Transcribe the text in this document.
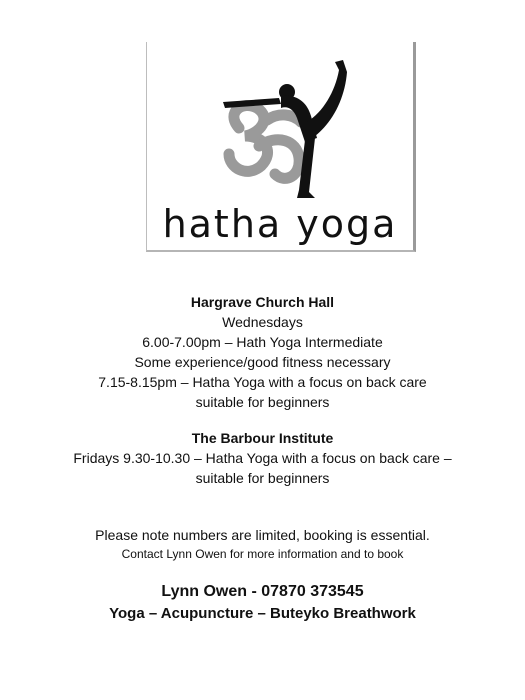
hatha yoga
Hargrave Church Hall
Wednesdays
6.00-7.00pm – Hath Yoga Intermediate
Some experience/good fitness necessary
7.15-8.15pm – Hatha Yoga with a focus on back care
suitable for beginners
The Barbour Institute
Fridays 9.30-10.30 – Hatha Yoga with a focus on back care –
suitable for beginners
Please note numbers are limited, booking is essential.
Contact Lynn Owen for more information and to book
Lynn Owen - 07870 373545
Yoga – Acupuncture – Buteyko Breathwork
